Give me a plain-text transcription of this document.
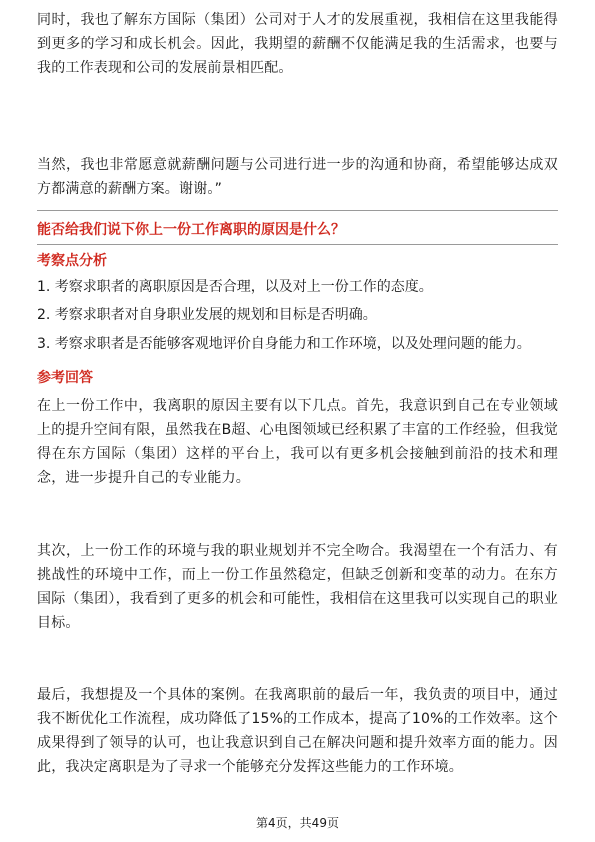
同时，我也了解东方国际（集团）公司对于人才的发展重视，我相信在这里我能得到更多的学习和成长机会。因此，我期望的薪酬不仅能满足我的生活需求，也要与我的工作表现和公司的发展前景相匹配。

当然，我也非常愿意就薪酬问题与公司进行进一步的沟通和协商，希望能够达成双方都满意的薪酬方案。谢谢。”

能否给我们说下你上一份工作离职的原因是什么？

考察点分析

1. 考察求职者的离职原因是否合理，以及对上一份工作的态度。

2. 考察求职者对自身职业发展的规划和目标是否明确。

3. 考察求职者是否能够客观地评价自身能力和工作环境，以及处理问题的能力。

参考回答

在上一份工作中，我离职的原因主要有以下几点。首先，我意识到自己在专业领域上的提升空间有限，虽然我在B超、心电图领域已经积累了丰富的工作经验，但我觉得在东方国际（集团）这样的平台上，我可以有更多机会接触到前沿的技术和理念，进一步提升自己的专业能力。

其次，上一份工作的环境与我的职业规划并不完全吻合。我渴望在一个有活力、有挑战性的环境中工作，而上一份工作虽然稳定，但缺乏创新和变革的动力。在东方国际（集团），我看到了更多的机会和可能性，我相信在这里我可以实现自己的职业目标。

最后，我想提及一个具体的案例。在我离职前的最后一年，我负责的项目中，通过我不断优化工作流程，成功降低了15%的工作成本，提高了10%的工作效率。这个成果得到了领导的认可，也让我意识到自己在解决问题和提升效率方面的能力。因此，我决定离职是为了寻求一个能够充分发挥这些能力的工作环境。

第4页，共49页
